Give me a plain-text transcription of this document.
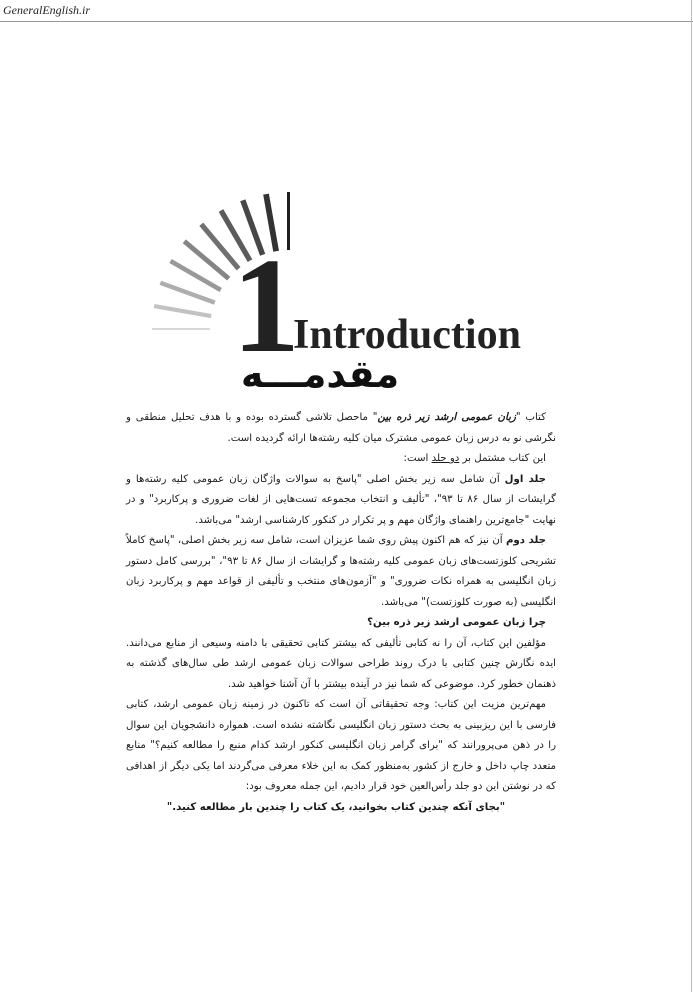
GeneralEnglish.ir
1
Introduction
مقدمـــه

کتاب "زبان عمومی ارشد زیر ذره بین" ماحصل تلاشی گسترده بوده و با هدف تحلیل منطقی و نگرشی نو به درس زبان عمومی مشترک میان کلیه رشته‌ها ارائه گردیده است.

این کتاب مشتمل بر دو جلد است:

جلد اول آن شامل سه زیر بخش اصلی "پاسخ به سوالات واژگان زبان عمومی کلیه رشته‌ها و گرایشات از سال ۸۶ تا ۹۳"، "تألیف و انتخاب مجموعه تست‌هایی از لغات ضروری و پرکاربرد" و در نهایت "جامع‌ترین راهنمای واژگان مهم و پر تکرار در کنکور کارشناسی ارشد" می‌باشد.

جلد دوم آن نیز که هم اکنون پیش روی شما عزیزان است، شامل سه زیر بخش اصلی، "پاسخ کاملاً تشریحی کلوزتست‌های زبان عمومی کلیه رشته‌ها و گرایشات از سال ۸۶ تا ۹۳"، "بررسی کامل دستور زبان انگلیسی به همراه نکات ضروری" و "آزمون‌های منتخب و تألیفی از قواعد مهم و پرکاربرد زبان انگلیسی (به صورت کلوزتست)" می‌باشد.

چرا زبان عمومی ارشد زیر ذره بین؟

مؤلفین این کتاب، آن را نه کتابی تألیفی که بیشتر کتابی تحقیقی با دامنه وسیعی از منابع می‌دانند. ایده نگارش چنین کتابی با درک روند طراحی سوالات زبان عمومی ارشد طی سال‌های گذشته به ذهنمان خطور کرد. موضوعی که شما نیز در آینده بیشتر با آن آشنا خواهید شد.

مهم‌ترین مزیت این کتاب: وجه تحقیقاتی آن است که تاکنون در زمینه زبان عمومی ارشد، کتابی فارسی با این ریزبینی به بحث دستور زبان انگلیسی نگاشته نشده است. همواره دانشجویان این سوال را در ذهن می‌پرورانند که "برای گرامر زبان انگلیسی کنکور ارشد کدام منبع را مطالعه کنیم؟" منابع متعدد چاپ داخل و خارج از کشور به‌منظور کمک به این خلاء معرفی می‌گردند اما یکی دیگر از اهدافی که در نوشتن این دو جلد رأس‌العین خود قرار دادیم، این جمله معروف بود:

"بجای آنکه چندین کتاب بخوانید، یک کتاب را چندین بار مطالعه کنید."
